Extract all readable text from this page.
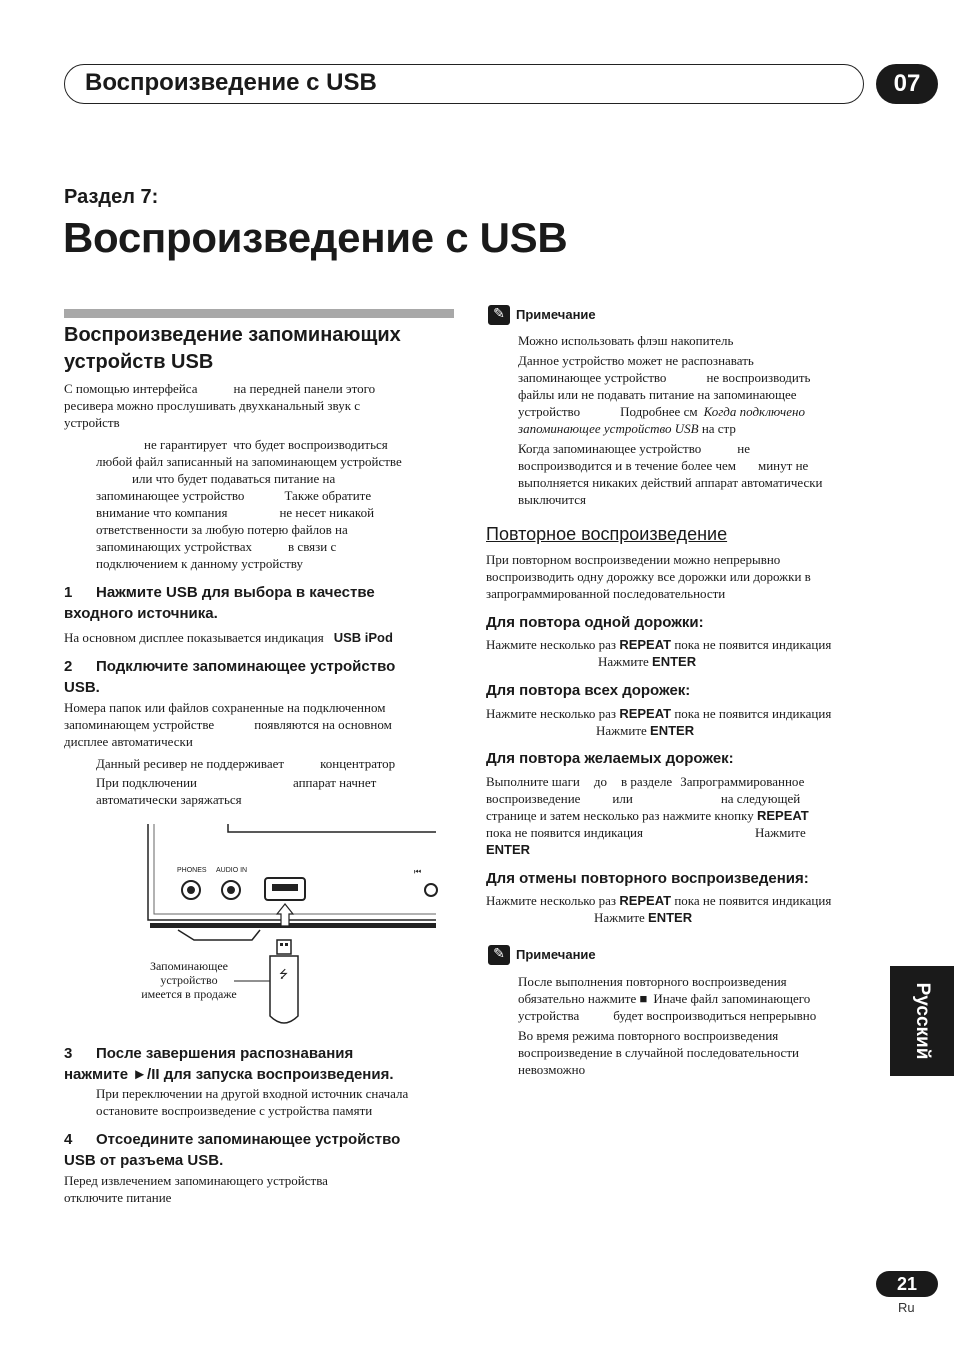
Воспроизведение с USB	07
Раздел 7:
Воспроизведение с USB
Воспроизведение запоминающих
устройств USB
С помощью интерфейса	на передней панели этого
ресивера можно прослушивать двухканальный звук с
устройств
не гарантирует что будет воспроизводиться
любой файл записанный на запоминающем устройстве
или что будет подаваться питание на
запоминающее устройство	Также обратите
внимание что компания	не несет никакой
ответственности за любую потерю файлов на
запоминающих устройствах	в связи с
подключением к данному устройству
1 Нажмите USB для выбора в качестве
входного источника.
На основном дисплее показывается индикация USB iPod
2 Подключите запоминающее устройство
USB.
Номера папок или файлов сохраненные на подключенном
запоминающем устройстве	появляются на основном
дисплее автоматически
Данный ресивер не поддерживает	концентратор
При подключении	аппарат начнет
автоматически заряжаться
⏮
⭍
PHONES AUDIO IN
Запоминающее
устройство
имеется в продаже
3 После завершения распознавания
нажмите ►/II для запуска воспроизведения.
При переключении на другой входной источник сначала
остановите воспроизведение с устройства памяти
4 Отсоедините запоминающее устройство
USB от разъема USB.
Перед извлечением запоминающего устройства
отключите питание
✎ Примечание
Можно использовать флэш накопитель
Данное устройство может не распознавать
запоминающее устройство	не воспроизводить
файлы или не подавать питание на запоминающее
устройство	Подробнее см Когда подключено
запоминающее устройство USB на стр
Когда запоминающее устройство	не
воспроизводится и в течение более чем минут не
выполняется никаких действий аппарат автоматически
выключится
Повторное воспроизведение
При повторном воспроизведении можно непрерывно
воспроизводить одну дорожку все дорожки или дорожки в
запрограммированной последовательности
Для повтора одной дорожки:
Нажмите несколько раз REPEAT пока не появится индикация
Нажмите ENTER
Для повтора всех дорожек:
Нажмите несколько раз REPEAT пока не появится индикация
Нажмите ENTER
Для повтора желаемых дорожек:
Выполните шаги до в разделе Запрограммированное
воспроизведение или	на следующей
странице и затем несколько раз нажмите кнопку REPEAT
пока не появится индикация	Нажмите
ENTER
Для отмены повторного воспроизведения:
Нажмите несколько раз REPEAT пока не появится индикация
Нажмите ENTER
✎ Примечание
После выполнения повторного воспроизведения
обязательно нажмите ■ Иначе файл запоминающего
устройства	будет воспроизводиться непрерывно
Во время режима повторного воспроизведения
воспроизведение в случайной последовательности
невозможно
Русский
21
Ru
